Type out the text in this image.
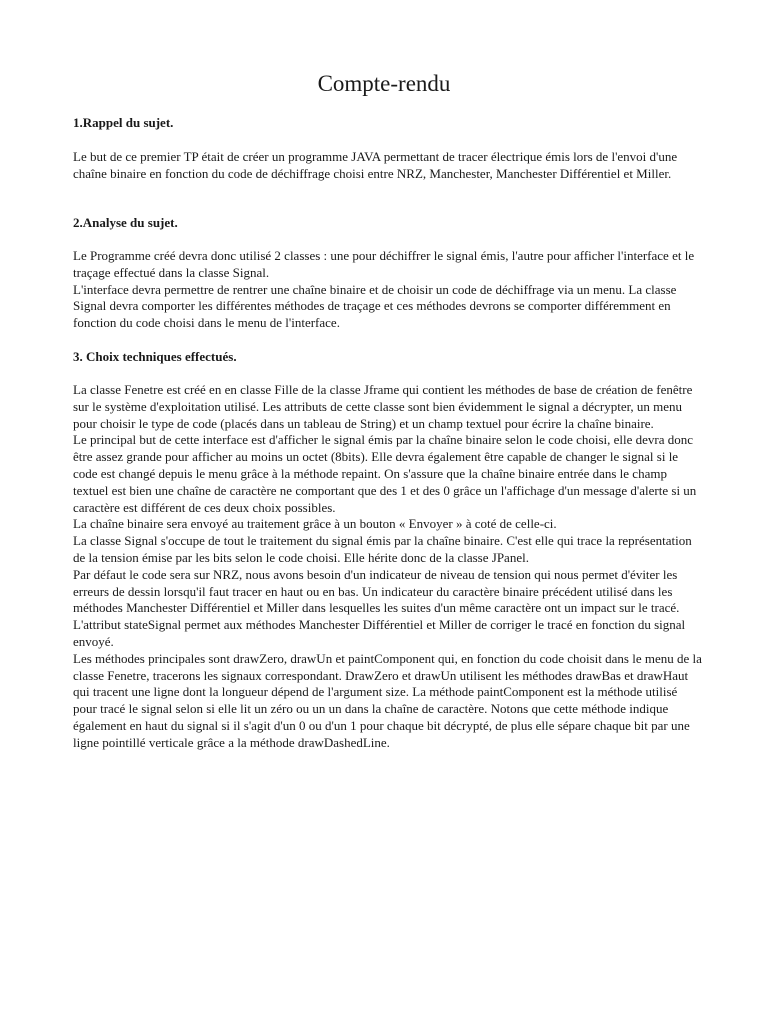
Compte-rendu
1.Rappel du sujet.

Le but de ce premier TP était de créer un programme JAVA permettant de tracer électrique émis lors de l'envoi d'une chaîne binaire en fonction du code de déchiffrage choisi entre NRZ, Manchester, Manchester Différentiel et Miller.

2.Analyse du sujet.

Le Programme créé devra donc utilisé 2 classes : une pour déchiffrer le signal émis, l'autre pour afficher l'interface et le traçage effectué dans la classe Signal.

L'interface devra permettre de rentrer une chaîne binaire et de choisir un code de déchiffrage via un menu. La classe Signal devra comporter les différentes méthodes de traçage et ces méthodes devrons se comporter différemment en fonction du code choisi dans le menu de l'interface.

3. Choix techniques effectués.

La classe Fenetre est créé en en classe Fille de la classe Jframe qui contient les méthodes de base de création de fenêtre sur le système d'exploitation utilisé. Les attributs de cette classe sont bien évidemment le signal a décrypter, un menu pour choisir le type de code (placés dans un tableau de String) et un champ textuel pour écrire la chaîne binaire.

Le principal but de cette interface est d'afficher le signal émis par la chaîne binaire selon le code choisi, elle devra donc être assez grande pour afficher au moins un octet (8bits). Elle devra également être capable de changer le signal si le code est changé depuis le menu grâce à la méthode repaint. On s'assure que la chaîne binaire entrée dans le champ textuel est bien une chaîne de caractère ne comportant que des 1 et des 0 grâce un l'affichage d'un message d'alerte si un caractère est différent de ces deux choix possibles.

La chaîne binaire sera envoyé au traitement grâce à un bouton « Envoyer » à coté de celle-ci.

La classe Signal s'occupe de tout le traitement du signal émis par la chaîne binaire. C'est elle qui trace la représentation de la tension émise par les bits selon le code choisi. Elle hérite donc de la classe JPanel.

Par défaut le code sera sur NRZ, nous avons besoin d'un indicateur de niveau de tension qui nous permet d'éviter les erreurs de dessin lorsqu'il faut tracer en haut ou en bas. Un indicateur du caractère binaire précédent utilisé dans les méthodes Manchester Différentiel et Miller dans lesquelles les suites d'un même caractère ont un impact sur le tracé. L'attribut stateSignal permet aux méthodes Manchester Différentiel et Miller de corriger le tracé en fonction du signal envoyé.

Les méthodes principales sont drawZero, drawUn et paintComponent qui, en fonction du code choisit dans le menu de la classe Fenetre, tracerons les signaux correspondant. DrawZero et drawUn utilisent les méthodes drawBas et drawHaut qui tracent une ligne dont la longueur dépend de l'argument size. La méthode paintComponent est la méthode utilisé pour tracé le signal selon si elle lit un zéro ou un un dans la chaîne de caractère. Notons que cette méthode indique également en haut du signal si il s'agit d'un 0 ou d'un 1 pour chaque bit décrypté, de plus elle sépare chaque bit par une ligne pointillé verticale grâce a la méthode drawDashedLine.
